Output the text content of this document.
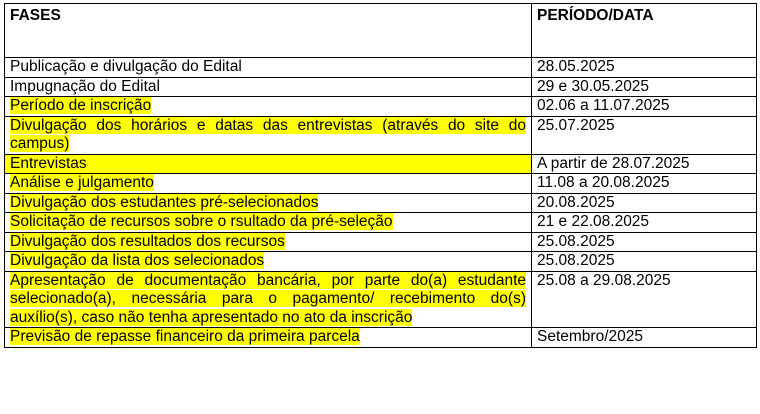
FASES	PERÍODO/DATA
Publicação e divulgação do Edital	28.05.2025
Impugnação do Edital	29 e 30.05.2025
Período de inscrição	02.06 a 11.07.2025
Divulgação dos horários e datas das entrevistas (através do site do campus)	25.07.2025
Entrevistas	A partir de 28.07.2025
Análise e julgamento	11.08 a 20.08.2025
Divulgação dos estudantes pré-selecionados	20.08.2025
Solicitação de recursos sobre o rsultado da pré-seleção	21 e 22.08.2025
Divulgação dos resultados dos recursos	25.08.2025
Divulgação da lista dos selecionados	25.08.2025
Apresentação de documentação bancária, por parte do(a) estudante selecionado(a), necessária para o pagamento/ recebimento do(s) auxílio(s), caso não tenha apresentado no ato da inscrição	25.08 a 29.08.2025
Previsão de repasse financeiro da primeira parcela	Setembro/2025
